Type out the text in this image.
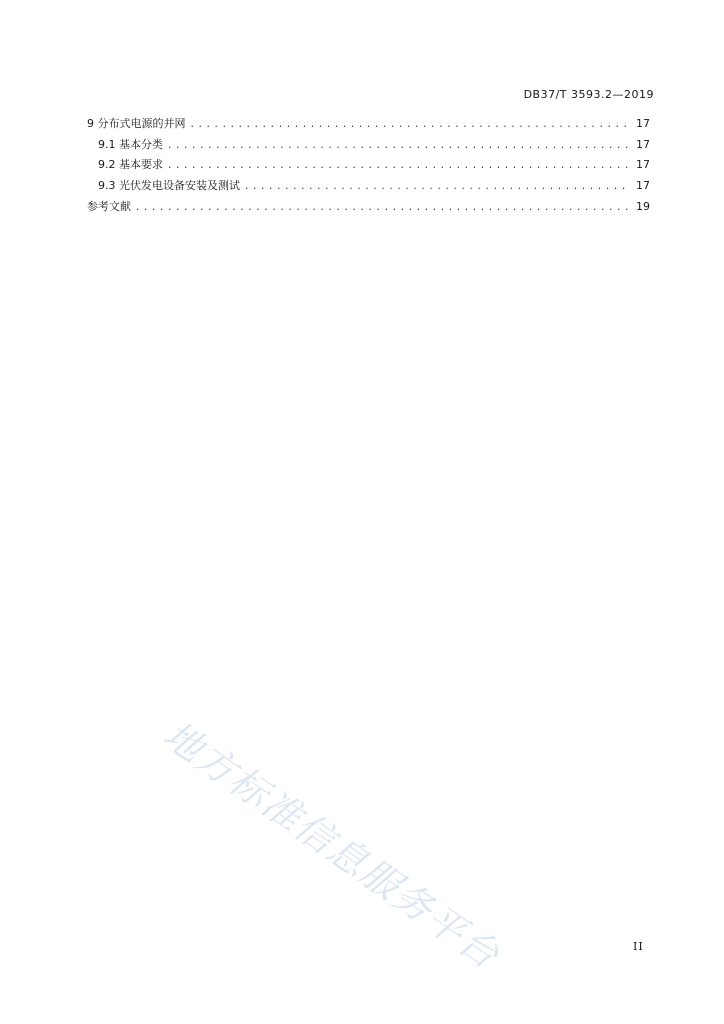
DB37/T 3593.2—2019
9 分布式电源的并网 .....	17
9.1 基本分类 .....	17
9.2 基本要求 .....	17
9.3 光伏发电设备安装及测试 .....	17
参考文献 .....	19
地方标准信息服务平台	II
